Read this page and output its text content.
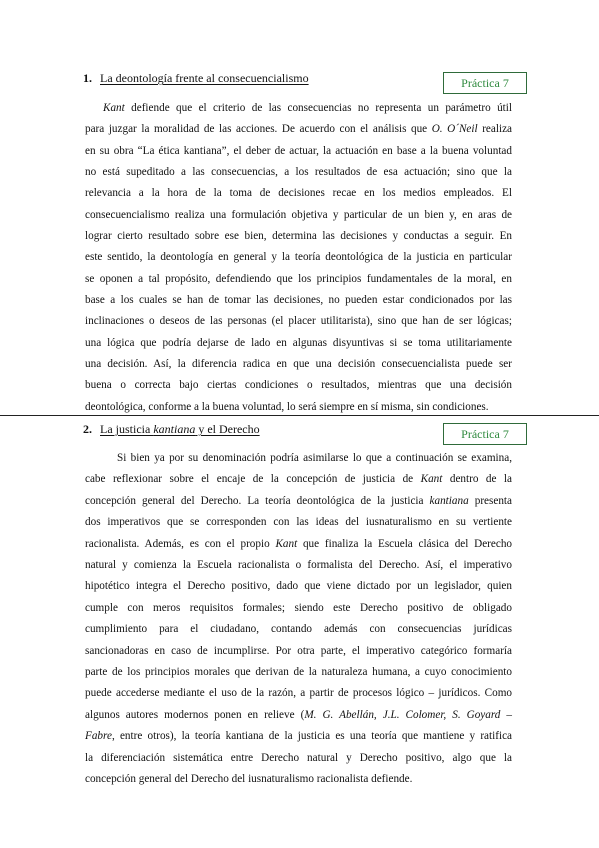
1. La deontología frente al consecuencialismo	Práctica 7
Kant defiende que el criterio de las consecuencias no representa un parámetro útil
para juzgar la moralidad de las acciones. De acuerdo con el análisis que O. O´Neil realiza
en su obra “La ética kantiana”, el deber de actuar, la actuación en base a la buena voluntad
no está supeditado a las consecuencias, a los resultados de esa actuación; sino que la
relevancia a la hora de la toma de decisiones recae en los medios empleados. El
consecuencialismo realiza una formulación objetiva y particular de un bien y, en aras de
lograr cierto resultado sobre ese bien, determina las decisiones y conductas a seguir. En
este sentido, la deontología en general y la teoría deontológica de la justicia en particular
se oponen a tal propósito, defendiendo que los principios fundamentales de la moral, en
base a los cuales se han de tomar las decisiones, no pueden estar condicionados por las
inclinaciones o deseos de las personas (el placer utilitarista), sino que han de ser lógicas;
una lógica que podría dejarse de lado en algunas disyuntivas si se toma utilitariamente
una decisión. Así, la diferencia radica en que una decisión consecuencialista puede ser
buena o correcta bajo ciertas condiciones o resultados, mientras que una decisión
deontológica, conforme a la buena voluntad, lo será siempre en sí misma, sin condiciones.
2. La justicia kantiana y el Derecho	Práctica 7
Si bien ya por su denominación podría asimilarse lo que a continuación se examina,
cabe reflexionar sobre el encaje de la concepción de justicia de Kant dentro de la
concepción general del Derecho. La teoría deontológica de la justicia kantiana presenta
dos imperativos que se corresponden con las ideas del iusnaturalismo en su vertiente
racionalista. Además, es con el propio Kant que finaliza la Escuela clásica del Derecho
natural y comienza la Escuela racionalista o formalista del Derecho. Así, el imperativo
hipotético integra el Derecho positivo, dado que viene dictado por un legislador, quien
cumple con meros requisitos formales; siendo este Derecho positivo de obligado
cumplimiento para el ciudadano, contando además con consecuencias jurídicas
sancionadoras en caso de incumplirse. Por otra parte, el imperativo categórico formaría
parte de los principios morales que derivan de la naturaleza humana, a cuyo conocimiento
puede accederse mediante el uso de la razón, a partir de procesos lógico – jurídicos. Como
algunos autores modernos ponen en relieve (M. G. Abellán, J.L. Colomer, S. Goyard –
Fabre, entre otros), la teoría kantiana de la justicia es una teoría que mantiene y ratifica
la diferenciación sistemática entre Derecho natural y Derecho positivo, algo que la
concepción general del Derecho del iusnaturalismo racionalista defiende.
